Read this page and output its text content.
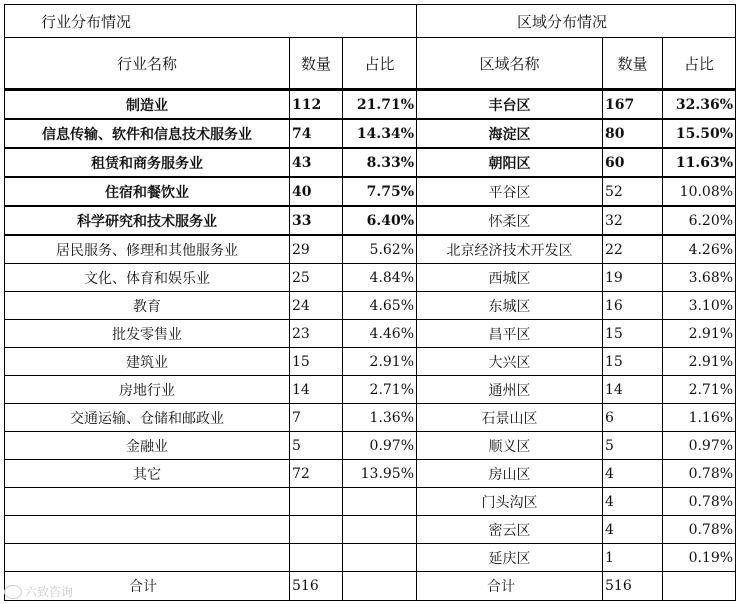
行业分布情况			区域分布情况		
行业名称	数量	占比	区域名称	数量	占比
制造业	112	21.71%	丰台区	167	32.36%
信息传输、软件和信息技术服务业	74	14.34%	海淀区	80	15.50%
租赁和商务服务业	43	8.33%	朝阳区	60	11.63%
住宿和餐饮业	40	7.75%	平谷区	52	10.08%
科学研究和技术服务业	33	6.40%	怀柔区	32	6.20%
居民服务、修理和其他服务业	29	5.62%	北京经济技术开发区	22	4.26%
文化、体育和娱乐业	25	4.84%	西城区	19	3.68%
教育	24	4.65%	东城区	16	3.10%
批发零售业	23	4.46%	昌平区	15	2.91%
建筑业	15	2.91%	大兴区	15	2.91%
房地行业	14	2.71%	通州区	14	2.71%
交通运输、仓储和邮政业	7	1.36%	石景山区	6	1.16%
金融业	5	0.97%	顺义区	5	0.97%
其它	72	13.95%	房山区	4	0.78%
			门头沟区	4	0.78%
			密云区	4	0.78%
			延庆区	1	0.19%
合计	516		合计	516	
六致咨询
